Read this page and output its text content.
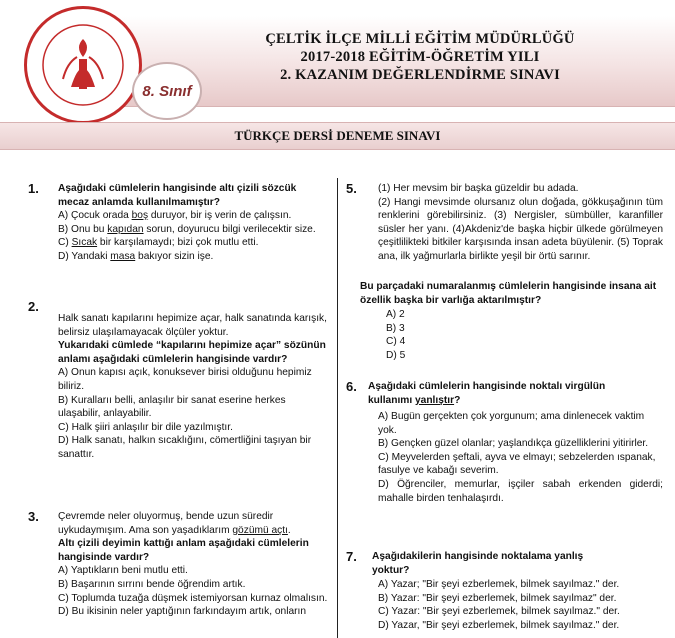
ÇELTİK İLÇE MİLLİ EĞİTİM MÜDÜRLÜĞÜ
2017-2018 EĞİTİM-ÖĞRETİM YILI
2. KAZANIM DEĞERLENDİRME SINAVI
8. Sınıf
TÜRKÇE DERSİ DENEME SINAVI
1. Aşağıdaki cümlelerin hangisinde altı çizili sözcük mecaz anlamda kullanılmamıştır?

A) Çocuk orada boş duruyor, bir iş verin de çalışsın.

B) Onu bu kapıdan sorun, doyurucu bilgi verilecektir size.

C) Sıcak bir karşılamaydı; bizi çok mutlu etti.

D) Yandaki masa bakıyor sizin işe.

2.

Halk sanatı kapılarını hepimize açar, halk sanatında karışık, belirsiz ulaşılamayacak ölçüler yoktur.

Yukarıdaki cümlede “kapılarını hepimize açar” sözünün anlamı aşağıdaki cümlelerin hangisinde vardır?

A) Onun kapısı açık, konuksever birisi olduğunu hepimiz biliriz.

B) Kurallarıı belli, anlaşılır bir sanat eserine herkes ulaşabilir, anlayabilir.

C) Halk şiiri anlaşılır bir dile yazılmıştır.

D) Halk sanatı, halkın sıcaklığını, cömertliğini taşıyan bir sanattır.

3. Çevremde neler oluyormuş, bende uzun süredir uykudaymışım. Ama son yaşadıklarım gözümü açtı.

Altı çizili deyimin kattığı anlam aşağıdaki cümlelerin hangisinde vardır?

A) Yaptıkların beni mutlu etti.

B) Başarının sırrını bende öğrendim artık.

C) Toplumda tuzağa düşmek istemiyorsan kurnaz olmalısın.

D) Bu ikisinin neler yaptığının farkındayım artık, onların

5. (1) Her mevsim bir başka güzeldir bu adada.

(2) Hangi mevsimde olursanız olun doğada, gökkuşağının tüm renklerini görebilirsiniz. (3) Nergisler, sümbüller, karanfiller süsler her yanı. (4)Akdeniz'de başka hiçbir ülkede görülmeyen çeşitlilikteki bitkiler karşısında insan adeta büyülenir. (5) Toprak ana, ilk yağmurlarla birlikte yeşil bir örtü sarınır.

Bu parçadaki numaralanmış cümlelerin hangisinde insana ait özellik başka bir varlığa aktarılmıştır?

A) 2

B) 3

C) 4

D) 5

6. Aşağıdaki cümlelerin hangisinde noktalı virgülün kullanımı yanlıştır?

A) Bugün gerçekten çok yorgunum; ama dinlenecek vaktim yok.

B) Gençken güzel olanlar; yaşlandıkça güzelliklerini yitirirler.

C) Meyvelerden şeftali, ayva ve elmayı; sebzelerden ıspanak, fasulye ve kabağı severim.

D) Öğrenciler, memurlar, işçiler sabah erkenden giderdi; mahalle birden tenhalaşırdı.

7. Aşağıdakilerin hangisinde noktalama yanlış yoktur?

A) Yazar; "Bir şeyi ezberlemek, bilmek sayılmaz." der.

B) Yazar: "Bir şeyi ezberlemek, bilmek sayılmaz" der.

C) Yazar: "Bir şeyi ezberlemek, bilmek sayılmaz." der.

D) Yazar, "Bir şeyi ezberlemek, bilmek sayılmaz." der.
